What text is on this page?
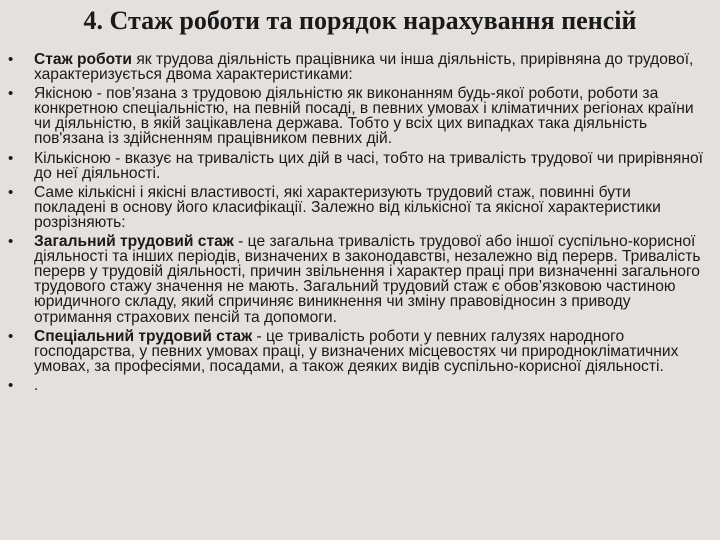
4. Стаж роботи та порядок нарахування пенсій
• Стаж роботи як трудова діяльність працівника чи інша діяльність, прирівняна до трудової, характеризується двома характеристиками:
• Якісною - пов’язана з трудовою діяльністю як виконанням будь-якої роботи, роботи за конкретною спеціальністю, на певній посаді, в певних умовах і кліматичних регіонах країни чи діяльністю, в якій зацікавлена держава. Тобто у всіх цих випадках така діяльність пов'язана із здійсненням працівником певних дій.
• Кількісною - вказує на тривалість цих дій в часі, тобто на тривалість трудової чи прирівняної до неї діяльності.
• Саме кількісні і якісні властивості, які характеризують трудовий стаж, повинні бути покладені в основу його класифікації. Залежно від кількісної та якісної характеристики розрізняють:
• Загальний трудовий стаж - це загальна тривалість трудової або іншої суспільно-корисної діяльності та інших періодів, визначених в законодавстві, незалежно від перерв. Тривалість перерв у трудовій діяльності, причин звільнення і характер праці при визначенні загального трудового стажу значення не мають. Загальний трудовий стаж є обов’язковою частиною юридичного складу, який спричиняє виникнення чи зміну правовідносин з приводу отримання страхових пенсій та допомоги.
• Спеціальний трудовий стаж - це тривалість роботи у певних галузях народного господарства, у певних умовах праці, у визначених місцевостях чи природнокліматичних умовах, за професіями, посадами, а також деяких видів суспільно-корисної діяльності.
• .
